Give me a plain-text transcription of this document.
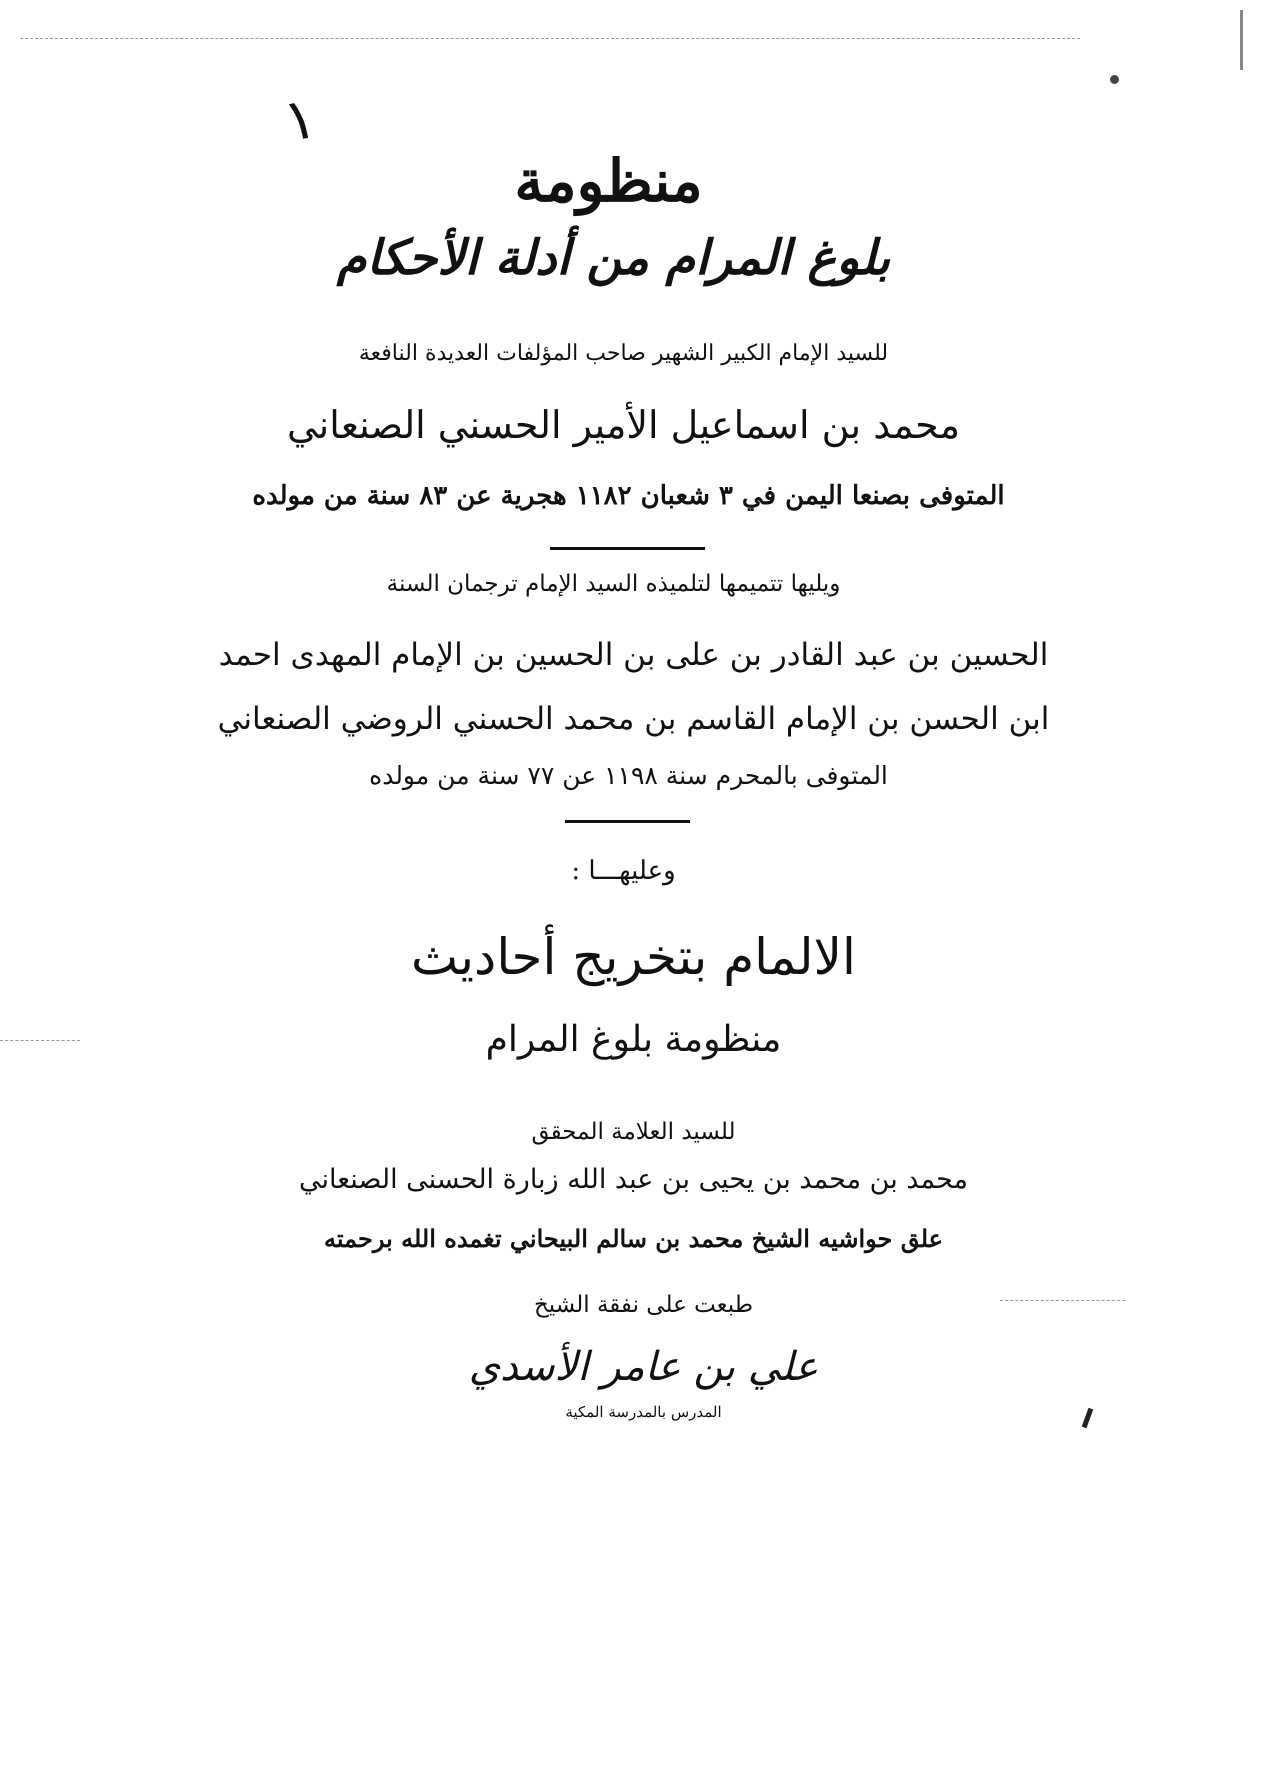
١
منظومة
بلوغ المرام من أدلة الأحكام
للسيد الإمام الكبير الشهير صاحب المؤلفات العديدة النافعة
محمد بن اسماعيل الأمير الحسني الصنعاني
المتوفى بصنعا اليمن في ٣ شعبان ١١٨٢ هجرية عن ٨٣ سنة من مولده
ويليها تتميمها لتلميذه السيد الإمام ترجمان السنة
الحسين بن عبد القادر بن على بن الحسين بن الإمام المهدى احمد
ابن الحسن بن الإمام القاسم بن محمد الحسني الروضي الصنعاني
المتوفى بالمحرم سنة ١١٩٨ عن ٧٧ سنة من مولده
وعليهـــا :
الالمام بتخريج أحاديث
منظومة بلوغ المرام
للسيد العلامة المحقق
محمد بن محمد بن يحيى بن عبد الله زبارة الحسنى الصنعاني
علق حواشيه الشيخ محمد بن سالم البيحاني تغمده الله برحمته
طبعت على نفقة الشيخ
علي بن عامر الأسدي
المدرس بالمدرسة المكية
